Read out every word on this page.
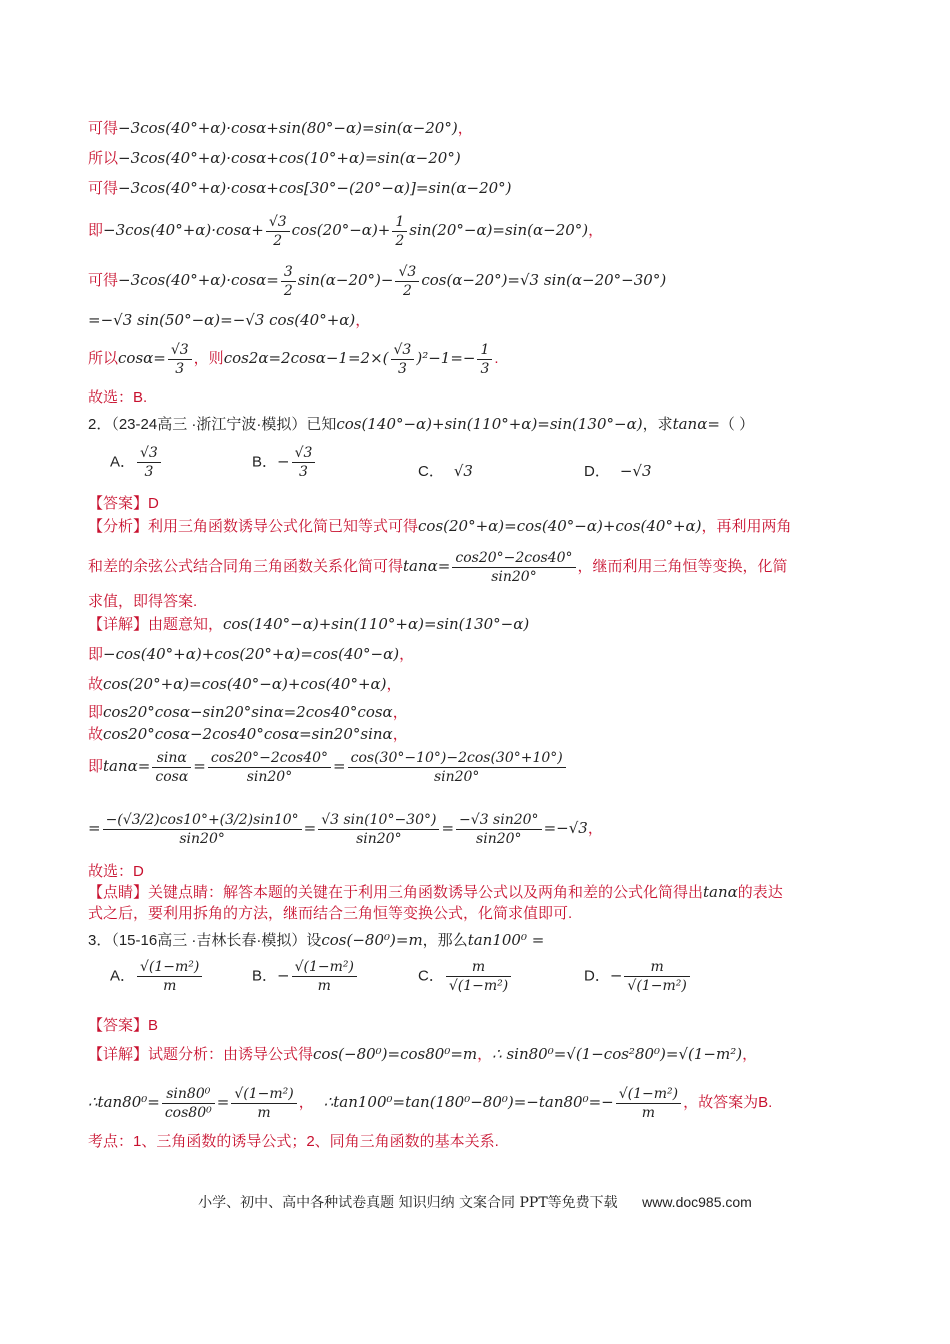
可得−3cos(40°+α)·cosα+sin(80°−α)=sin(α−20°)，
所以−3cos(40°+α)·cosα+cos(10°+α)=sin(α−20°)
可得−3cos(40°+α)·cosα+cos[30°−(20°−α)]=sin(α−20°)
即$-3\cos(40^\circ+\alpha)\cdot\cos\alpha+ \frac{√3}{2} \cos(20^\circ-\alpha)+ \frac{1}{2} \sin(20^\circ-\alpha)=\sin(\alpha-20^\circ)$，
可得$-3\cos(40^\circ+\alpha)\cdot\cos\alpha= \frac{3}{2} \sin(\alpha-20^\circ)- \frac{√3}{2} \cos(\alpha-20^\circ)=√3$ sin(α−20°−30°)
=−√3 sin(50°−α)=−√3 cos(40°+α)，
所以$\cos\alpha= \frac{√3}{3}$ ，则$\cos 2\alpha=2\cos\alpha-1=2\times( \frac{√3}{3} )^2-1=- \frac{1}{3}$ .
故选：B.
2．（23-24高三 ·浙江宁波·模拟）已知cos(140°−α)+sin(110°+α)=sin(130°−α)，求tanα=（ ）
A． $\frac{√3}{3}$	B．− $\frac{√3}{3}$	C． √3	D． −√3
【答案】D
【分析】利用三角函数诱导公式化简已知等式可得cos(20°+α)=cos(40°−α)+cos(40°+α)，再利用两角
和差的余弦公式结合同角三角函数关系化简可得$\tan\alpha= \frac{\cos 20^\circ-2\cos 40^\circ}{\sin 20^\circ}$ ，继而利用三角恒等变换，化简
求值，即得答案.
【详解】由题意知，cos(140°−α)+sin(110°+α)=sin(130°−α)
即−cos(40°+α)+cos(20°+α)=cos(40°−α)，
故cos(20°+α)=cos(40°−α)+cos(40°+α)，
即cos20°cosα−sin20°sinα=2cos40°cosα，
故cos20°cosα−2cos40°cosα=sin20°sinα，
即$\tan\alpha= \frac{\sin\alpha}{\cos\alpha} = \frac{\cos 20^\circ-2\cos 40^\circ}{\sin 20^\circ} = \frac{\cos(30^\circ-10^\circ)-2\cos(30^\circ+10^\circ)}{\sin 20^\circ}$
= $\frac{-(√3/2)\cos 10^\circ+(3/2)\sin 10^\circ}{\sin 20^\circ} = \frac{√3 \sin(10^\circ-30^\circ)}{\sin 20^\circ} = \frac{-√3 \sin 20^\circ}{\sin 20^\circ} =-√3$，
故选：D
【点睛】关键点睛：解答本题的关键在于利用三角函数诱导公式以及两角和差的公式化简得出tanα的表达
式之后，要利用拆角的方法，继而结合三角恒等变换公式，化简求值即可.
3．（15-16高三 ·吉林长春·模拟）设cos(−80⁰)=m，那么tan100⁰ =
A． $\frac{\text{√(1−m²)}}{m}$	B．− $\frac{\text{√(1−m²)}}{m}$	C． $\frac{m}{\text{√(1−m²)}}$	D．− $\frac{m}{\text{√(1−m²)}}$
【答案】B
【详解】试题分析：由诱导公式得cos(−80⁰)=cos80⁰=m，∴ sin80⁰=√(1−cos²80⁰)=√(1−m²)，
∴tan80⁰= $\frac{\text{sin80⁰}}{\text{cos80⁰}} = \frac{\text{√(1−m²)}}{m}$ ， ∴tan100⁰=tan(180⁰−80⁰)=−tan80⁰=− $\frac{\text{√(1−m²)}}{m}$ ，故答案为B.
考点：1、三角函数的诱导公式；2、同角三角函数的基本关系.
小学、初中、高中各种试卷真题 知识归纳 文案合同 PPT等免费下载 www.doc985.com
